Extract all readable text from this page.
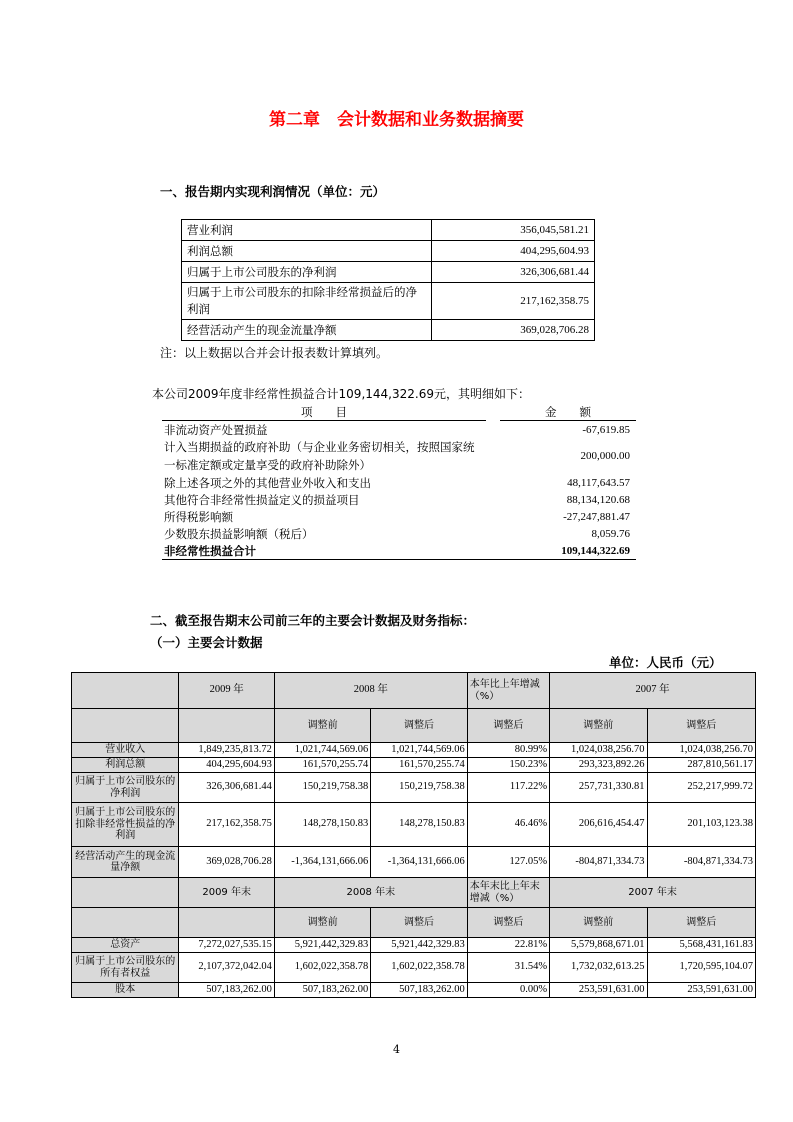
第二章　会计数据和业务数据摘要
一、报告期内实现利润情况（单位：元）
营业利润	356,045,581.21
利润总额	404,295,604.93
归属于上市公司股东的净利润	326,306,681.44
归属于上市公司股东的扣除非经常损益后的净利润	217,162,358.75
经营活动产生的现金流量净额	369,028,706.28
注：以上数据以合并会计报表数计算填列。
本公司2009年度非经常性损益合计109,144,322.69元，其明细如下：
项　　目		金　　额
非流动资产处置损益		-67,619.85
计入当期损益的政府补助（与企业业务密切相关，按照国家统一标准定额或定量享受的政府补助除外）		200,000.00
除上述各项之外的其他营业外收入和支出		48,117,643.57
其他符合非经常性损益定义的损益项目		88,134,120.68
所得税影响额		-27,247,881.47
少数股东损益影响额（税后）		8,059.76
非经常性损益合计		109,144,322.69
二、截至报告期末公司前三年的主要会计数据及财务指标：
（一）主要会计数据
单位：人民币（元）
	2009 年	2008 年		本年比上年增减（%）	2007 年	
		调整前	调整后	调整后	调整前	调整后
营业收入	1,849,235,813.72	1,021,744,569.06	1,021,744,569.06	80.99%	1,024,038,256.70	1,024,038,256.70
利润总额	404,295,604.93	161,570,255.74	161,570,255.74	150.23%	293,323,892.26	287,810,561.17
归属于上市公司股东的净利润	326,306,681.44	150,219,758.38	150,219,758.38	117.22%	257,731,330.81	252,217,999.72
归属于上市公司股东的扣除非经常性损益的净利润	217,162,358.75	148,278,150.83	148,278,150.83	46.46%	206,616,454.47	201,103,123.38
经营活动产生的现金流量净额	369,028,706.28	-1,364,131,666.06	-1,364,131,666.06	127.05%	-804,871,334.73	-804,871,334.73
	2009 年末	2008 年末		本年末比上年末增减（%）	2007 年末	
		调整前	调整后	调整后	调整前	调整后
总资产	7,272,027,535.15	5,921,442,329.83	5,921,442,329.83	22.81%	5,579,868,671.01	5,568,431,161.83
归属于上市公司股东的所有者权益	2,107,372,042.04	1,602,022,358.78	1,602,022,358.78	31.54%	1,732,032,613.25	1,720,595,104.07
股本	507,183,262.00	507,183,262.00	507,183,262.00	0.00%	253,591,631.00	253,591,631.00
4
